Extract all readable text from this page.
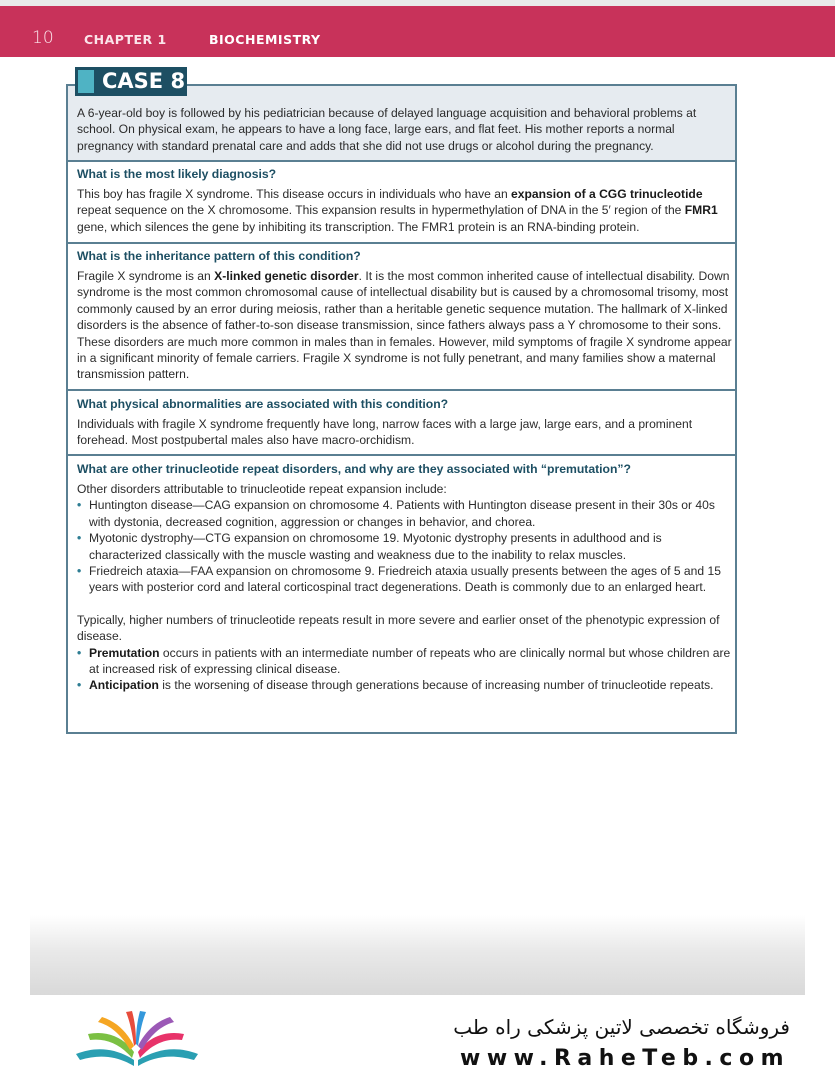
10 CHAPTER 1	BIOCHEMISTRY
CASE 8
A 6-year-old boy is followed by his pediatrician because of delayed language acquisition and behavioral problems at school. On physical exam, he appears to have a long face, large ears, and flat feet. His mother reports a normal pregnancy with standard prenatal care and adds that she did not use drugs or alcohol during the pregnancy.
What is the most likely diagnosis?
This boy has fragile X syndrome. This disease occurs in individuals who have an expansion of a CGG trinucleotide repeat sequence on the X chromosome. This expansion results in hypermethylation of DNA in the 5′ region of the FMR1 gene, which silences the gene by inhibiting its transcription. The FMR1 protein is an RNA-binding protein.
What is the inheritance pattern of this condition?
Fragile X syndrome is an X-linked genetic disorder. It is the most common inherited cause of intellectual disability. Down syndrome is the most common chromosomal cause of intellectual disability but is caused by a chromosomal trisomy, most commonly caused by an error during meiosis, rather than a heritable genetic sequence mutation. The hallmark of X-linked disorders is the absence of father-to-son disease transmission, since fathers always pass a Y chromosome to their sons. These disorders are much more common in males than in females. However, mild symptoms of fragile X syndrome appear in a significant minority of female carriers. Fragile X syndrome is not fully penetrant, and many families show a maternal transmission pattern.
What physical abnormalities are associated with this condition?
Individuals with fragile X syndrome frequently have long, narrow faces with a large jaw, large ears, and a prominent forehead. Most postpubertal males also have macro-orchidism.
What are other trinucleotide repeat disorders, and why are they associated with “premutation”?
Other disorders attributable to trinucleotide repeat expansion include:
• Huntington disease—CAG expansion on chromosome 4. Patients with Huntington disease present in their 30s or 40s with dystonia, decreased cognition, aggression or changes in behavior, and chorea.
• Myotonic dystrophy—CTG expansion on chromosome 19. Myotonic dystrophy presents in adulthood and is characterized classically with the muscle wasting and weakness due to the inability to relax muscles.
• Friedreich ataxia—FAA expansion on chromosome 9. Friedreich ataxia usually presents between the ages of 5 and 15 years with posterior cord and lateral corticospinal tract degenerations. Death is commonly due to an enlarged heart.
Typically, higher numbers of trinucleotide repeats result in more severe and earlier onset of the phenotypic expression of disease.
• Premutation occurs in patients with an intermediate number of repeats who are clinically normal but whose children are at increased risk of expressing clinical disease.
• Anticipation is the worsening of disease through generations because of increasing number of trinucleotide repeats.
فروشگاه تخصصی لاتین پزشکی راه طب
www.RaheTeb.com
